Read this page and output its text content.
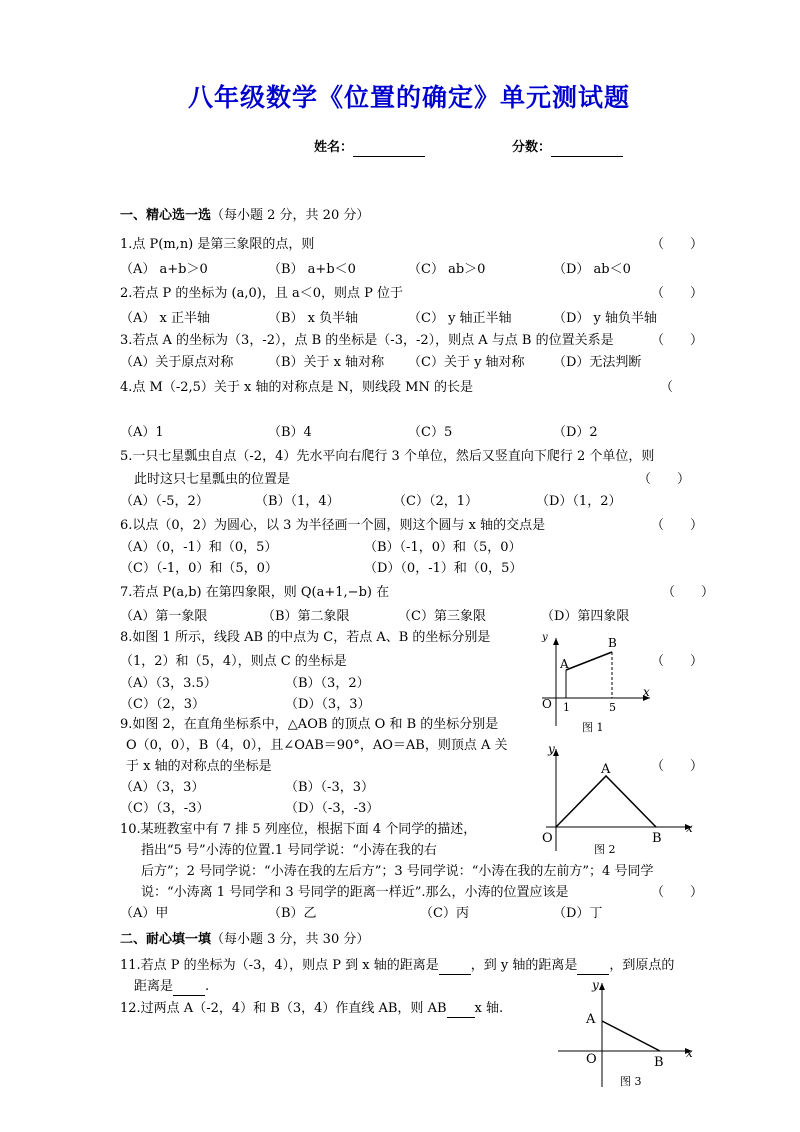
八年级数学《位置的确定》单元测试题
姓名：	分数：
一、精心选一选（每小题 2 分，共 20 分）
1.点 P(m,n) 是第三象限的点，则	（　　）
（A） a+b＞0	（B） a+b＜0	（C） ab＞0	（D） ab＜0
2.若点 P 的坐标为 (a,0)，且 a＜0，则点 P 位于	（　　）
（A） x 正半轴	（B） x 负半轴	（C） y 轴正半轴	（D） y 轴负半轴
3.若点 A 的坐标为（3，-2），点 B 的坐标是（-3，-2），则点 A 与点 B 的位置关系是	（　　）
（A）关于原点对称	（B）关于 x 轴对称 （C）关于 y 轴对称 （D）无法判断
4.点 M（-2,5）关于 x 轴的对称点是 N，则线段 MN 的长是	（
（A）1	（B）4	（C）5	（D）2
5.一只七星瓢虫自点（-2，4）先水平向右爬行 3 个单位，然后又竖直向下爬行 2 个单位，则
此时这只七星瓢虫的位置是	（　　）
（A）（-5，2）	（B）（1，4）	（C）（2，1）	（D）（1，2）
6.以点（0，2）为圆心，以 3 为半径画一个圆，则这个圆与 x 轴的交点是	（　　）
（A）（0，-1）和（0，5）	（B）（-1，0）和（5，0）
（C）（-1，0）和（5，0）	（D）（0，-1）和（0，5）
7.若点 P(a,b) 在第四象限，则 Q(a+1,−b) 在	（　　）
（A）第一象限	（B）第二象限	（C）第三象限	（D）第四象限
8.如图 1 所示，线段 AB 的中点为 C，若点 A、B 的坐标分别是
（1，2）和（5，4），则点 C 的坐标是	（　　）
（A）（3，3.5）	（B）（3，2）
（C）（2，3）	（D）（3，3）
9.如图 2，在直角坐标系中，△AOB 的顶点 O 和 B 的坐标分别是
O（0，0），B（4，0），且∠OAB＝90°，AO＝AB，则顶点 A 关
于 x 轴的对称点的坐标是	（　　）
（A）（3，3）	（B）（-3，3）
（C）（3，-3）	（D）（-3，-3）
10.某班教室中有 7 排 5 列座位，根据下面 4 个同学的描述，
指出“5 号”小涛的位置.1 号同学说：“小涛在我的右
后方”；2 号同学说：“小涛在我的左后方”；3 号同学说：“小涛在我的左前方”；4 号同学
说：“小涛离 1 号同学和 3 号同学的距离一样近”.那么，小涛的位置应该是	（　　）
（A）甲	（B）乙	（C）丙	（D）丁
二、耐心填一填（每小题 3 分，共 30 分）
11.若点 P 的坐标为（-3，4），则点 P 到 x 轴的距离是 ，到 y 轴的距离是 ，到原点的
距离是 .
12.过两点 A（-2，4）和 B（3，4）作直线 AB，则 AB x 轴.
y
x
O
A
B
1	5
图 1
y
x
O
A
B
图 2
y
x
O
A
B
图 3
